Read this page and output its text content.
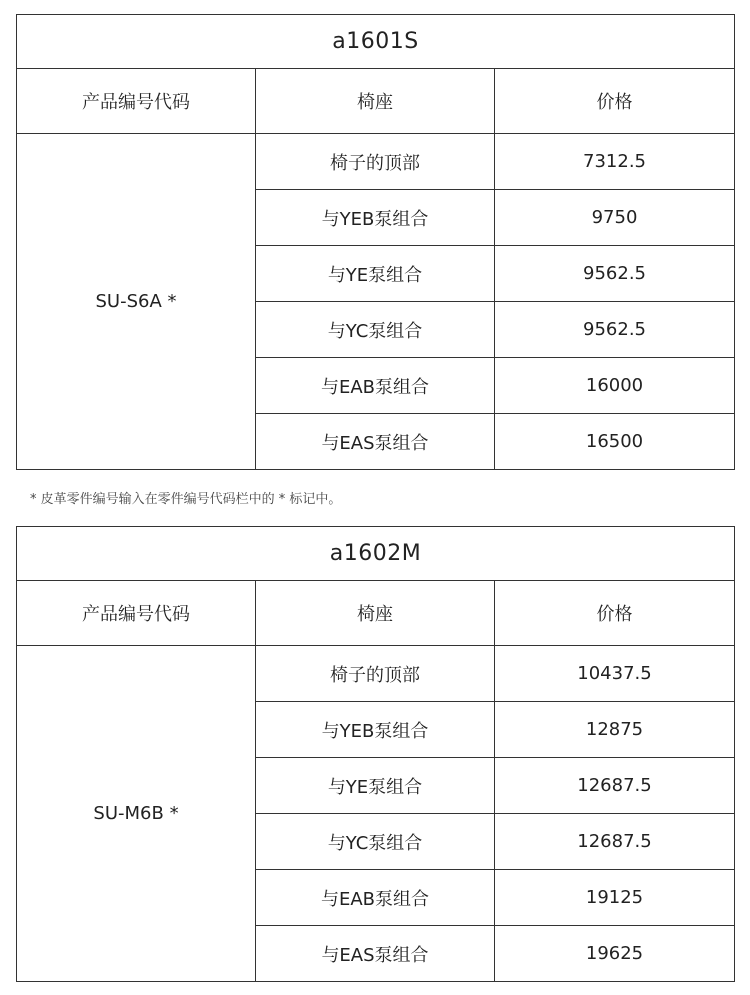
a1601S		
产品编号代码	椅座	价格
SU-S6A *	椅子的顶部	7312.5
	与YEB泵组合	9750
	与YE泵组合	9562.5
	与YC泵组合	9562.5
	与EAB泵组合	16000
	与EAS泵组合	16500
* 皮革零件编号输入在零件编号代码栏中的 * 标记中。
a1602M		
产品编号代码	椅座	价格
SU-M6B *	椅子的顶部	10437.5
	与YEB泵组合	12875
	与YE泵组合	12687.5
	与YC泵组合	12687.5
	与EAB泵组合	19125
	与EAS泵组合	19625
